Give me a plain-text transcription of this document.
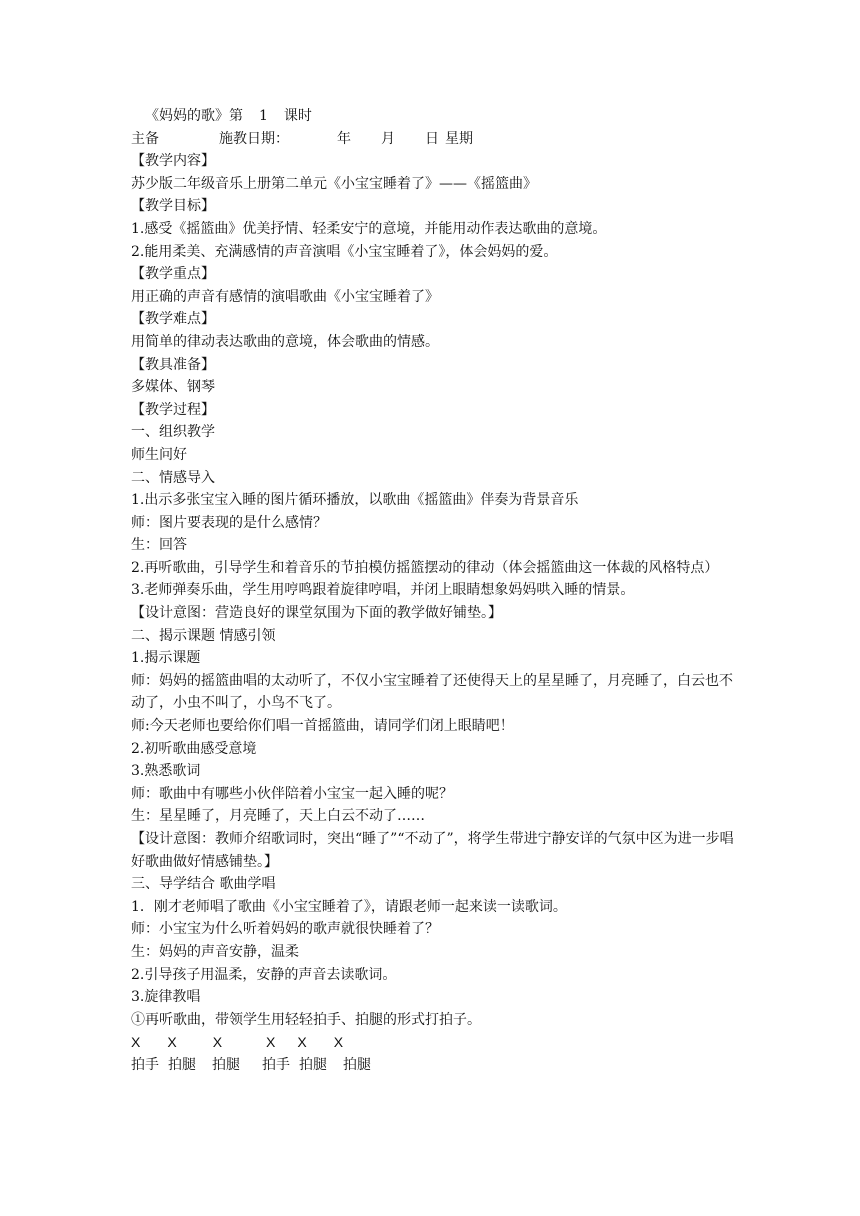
《妈妈的歌》第 1 课时
主备	施教日期：	年 月 日 星期
【教学内容】
苏少版二年级音乐上册第二单元《小宝宝睡着了》——《摇篮曲》
【教学目标】
1.感受《摇篮曲》优美抒情、轻柔安宁的意境，并能用动作表达歌曲的意境。
2.能用柔美、充满感情的声音演唱《小宝宝睡着了》，体会妈妈的爱。
【教学重点】
用正确的声音有感情的演唱歌曲《小宝宝睡着了》
【教学难点】
用简单的律动表达歌曲的意境，体会歌曲的情感。
【教具准备】
多媒体、钢琴
【教学过程】
一、组织教学
师生问好
二、情感导入
1.出示多张宝宝入睡的图片循环播放，以歌曲《摇篮曲》伴奏为背景音乐
师：图片要表现的是什么感情？
生：回答
2.再听歌曲，引导学生和着音乐的节拍模仿摇篮摆动的律动（体会摇篮曲这一体裁的风格特点）
3.老师弹奏乐曲，学生用哼鸣跟着旋律哼唱，并闭上眼睛想象妈妈哄入睡的情景。
【设计意图：营造良好的课堂氛围为下面的教学做好铺垫。】
二、揭示课题 情感引领
1.揭示课题
师：妈妈的摇篮曲唱的太动听了，不仅小宝宝睡着了还使得天上的星星睡了，月亮睡了，白云也不动了，小虫不叫了，小鸟不飞了。
师:今天老师也要给你们唱一首摇篮曲，请同学们闭上眼睛吧！
2.初听歌曲感受意境
3.熟悉歌词
师：歌曲中有哪些小伙伴陪着小宝宝一起入睡的呢？
生：星星睡了，月亮睡了，天上白云不动了……
【设计意图：教师介绍歌词时，突出“睡了”“不动了”，将学生带进宁静安详的气氛中区为进一步唱好歌曲做好情感铺垫。】
三、导学结合 歌曲学唱
1．刚才老师唱了歌曲《小宝宝睡着了》，请跟老师一起来读一读歌词。
师：小宝宝为什么听着妈妈的歌声就很快睡着了？
生：妈妈的声音安静，温柔
2.引导孩子用温柔，安静的声音去读歌词。
3.旋律教唱
①再听歌曲，带领学生用轻轻拍手、拍腿的形式打拍子。
X X	X	X X X
拍手 拍腿 拍腿 拍手 拍腿 拍腿
